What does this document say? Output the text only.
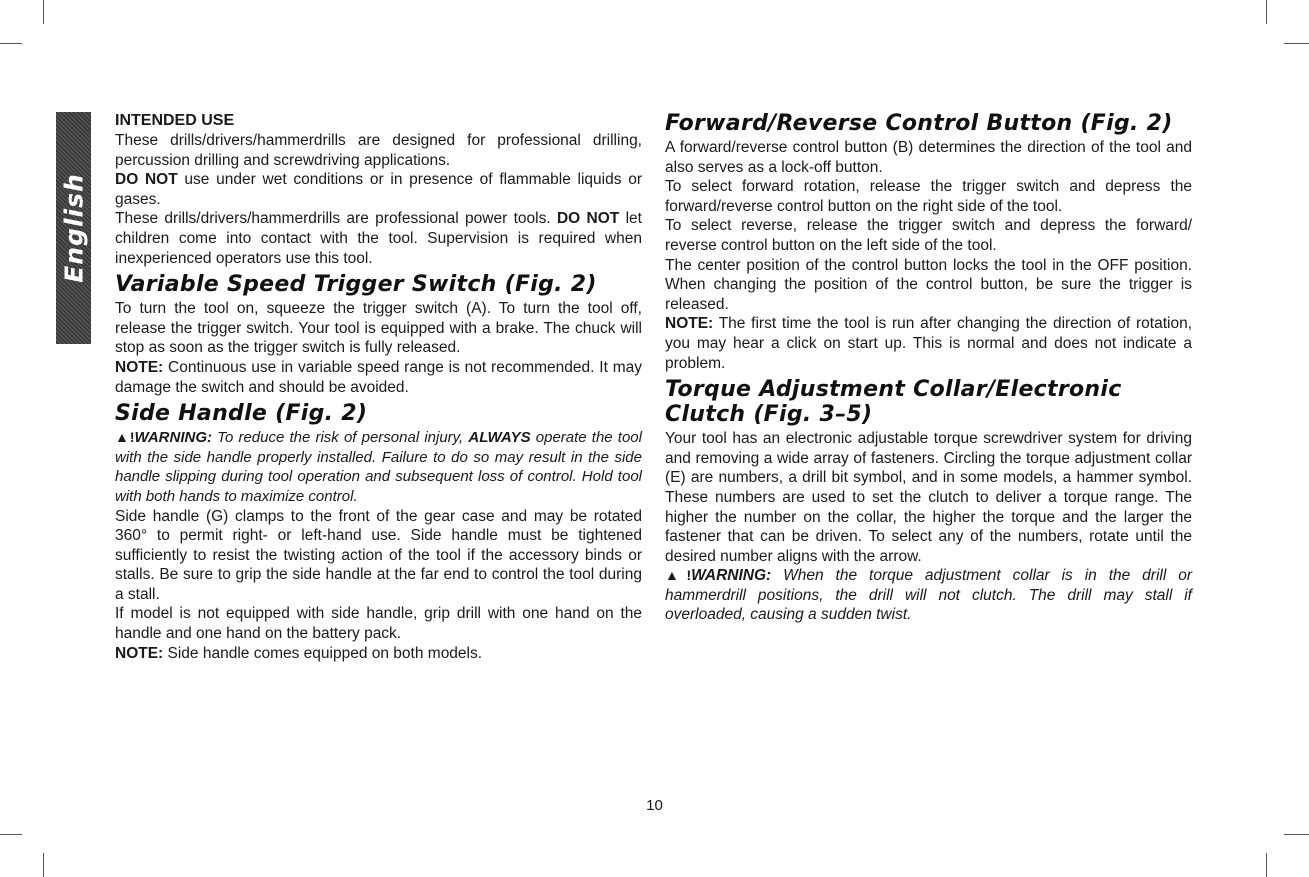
English
INTENDED USE

These drills/drivers/hammerdrills are designed for professional drilling, percussion drilling and screwdriving applications.

DO NOT use under wet conditions or in presence of flammable liquids or gases.

These drills/drivers/hammerdrills are professional power tools. DO NOT let children come into contact with the tool. Supervision is required when inexperienced operators use this tool.

Variable Speed Trigger Switch (Fig. 2)

To turn the tool on, squeeze the trigger switch (A). To turn the tool off, release the trigger switch. Your tool is equipped with a brake. The chuck will stop as soon as the trigger switch is fully released.

NOTE: Continuous use in variable speed range is not recommended. It may damage the switch and should be avoided.

Side Handle (Fig. 2)

▲!WARNING: To reduce the risk of personal injury, ALWAYS operate the tool with the side handle properly installed. Failure to do so may result in the side handle slipping during tool operation and subsequent loss of control. Hold tool with both hands to maximize control.

Side handle (G) clamps to the front of the gear case and may be rotated 360° to permit right- or left-hand use. Side handle must be tightened sufficiently to resist the twisting action of the tool if the accessory binds or stalls. Be sure to grip the side handle at the far end to control the tool during a stall.

If model is not equipped with side handle, grip drill with one hand on the handle and one hand on the battery pack.

NOTE: Side handle comes equipped on both models.

Forward/Reverse Control Button (Fig. 2)

A forward/reverse control button (B) determines the direction of the tool and also serves as a lock-off button.

To select forward rotation, release the trigger switch and depress the forward/reverse control button on the right side of the tool.

To select reverse, release the trigger switch and depress the forward/ reverse control button on the left side of the tool.

The center position of the control button locks the tool in the OFF position. When changing the position of the control button, be sure the trigger is released.

NOTE: The first time the tool is run after changing the direction of rotation, you may hear a click on start up. This is normal and does not indicate a problem.

Torque Adjustment Collar/Electronic
Clutch (Fig. 3–5)

Your tool has an electronic adjustable torque screwdriver system for driving and removing a wide array of fasteners. Circling the torque adjustment collar (E) are numbers, a drill bit symbol, and in some models, a hammer symbol. These numbers are used to set the clutch to deliver a torque range. The higher the number on the collar, the higher the torque and the larger the fastener that can be driven. To select any of the numbers, rotate until the desired number aligns with the arrow.

▲!WARNING: When the torque adjustment collar is in the drill or hammerdrill positions, the drill will not clutch. The drill may stall if overloaded, causing a sudden twist.

10
